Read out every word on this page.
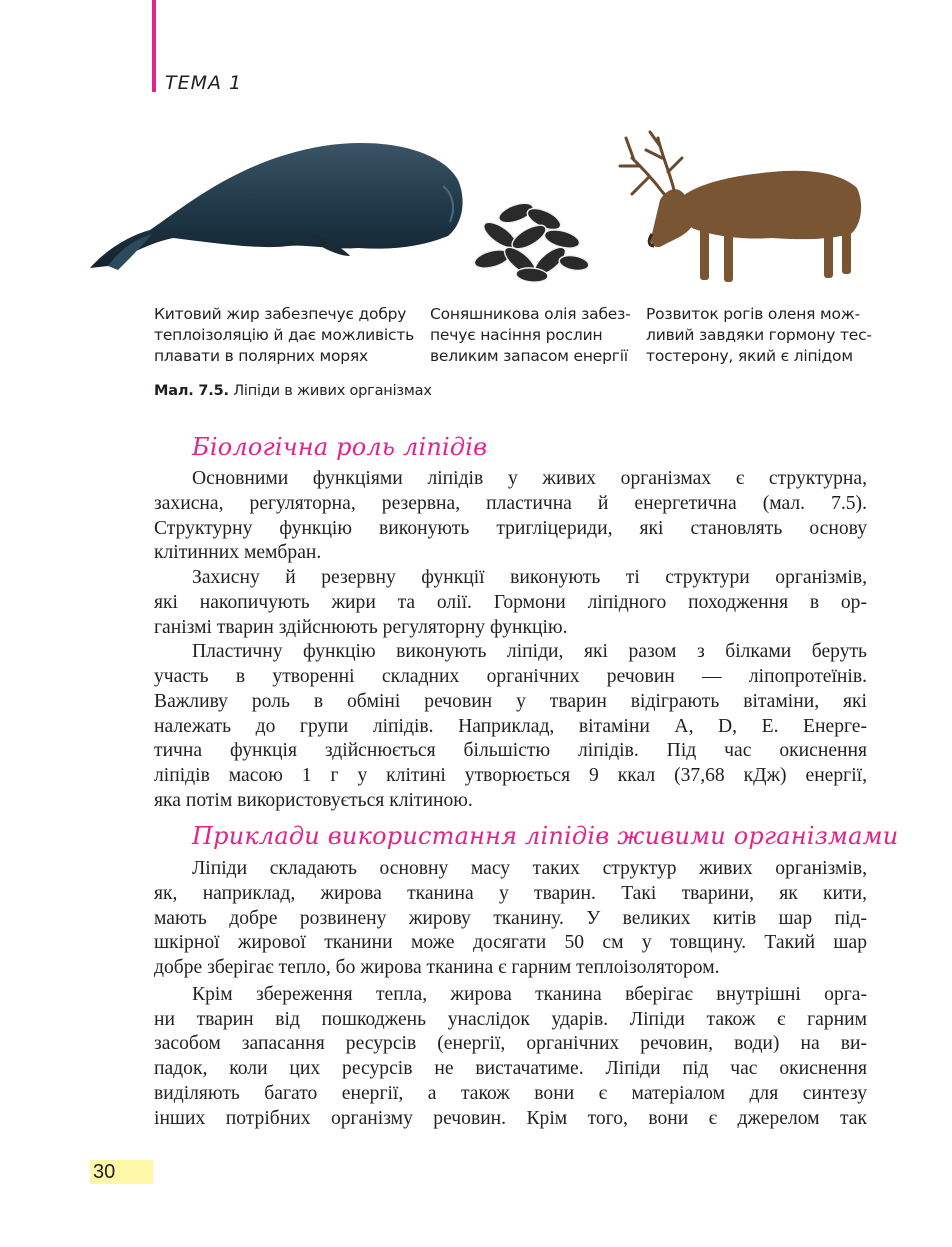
ТЕМА 1
Китовий жир забезпечує добру
теплоізоляцію й дає можливість
плавати в полярних морях
Соняшникова олія забез-
печує насіння рослин
великим запасом енергії
Розвиток рогів оленя мож-
ливий завдяки гормону тес-
тостерону, який є ліпідом
Мал. 7.5. Ліпіди в живих організмах
Біологічна роль ліпідів
Основними функціями ліпідів у живих організмах є структурна,
захисна, регуляторна, резервна, пластична й енергетична (мал. 7.5).
Структурну функцію виконують тригліцериди, які становлять основу
клітинних мембран.
Захисну й резервну функції виконують ті структури організмів,
які накопичують жири та олії. Гормони ліпідного походження в ор-
ганізмі тварин здійснюють регуляторну функцію.
Пластичну функцію виконують ліпіди, які разом з білками беруть
участь в утворенні складних органічних речовин — ліпопротеїнів.
Важливу роль в обміні речовин у тварин відіграють вітаміни, які
належать до групи ліпідів. Наприклад, вітаміни A, D, E. Енерге-
тична функція здійснюється більшістю ліпідів. Під час окиснення
ліпідів масою 1 г у клітині утворюється 9 ккал (37,68 кДж) енергії,
яка потім використовується клітиною.
Приклади використання ліпідів живими організмами
Ліпіди складають основну масу таких структур живих організмів,
як, наприклад, жирова тканина у тварин. Такі тварини, як кити,
мають добре розвинену жирову тканину. У великих китів шар під-
шкірної жирової тканини може досягати 50 см у товщину. Такий шар
добре зберігає тепло, бо жирова тканина є гарним теплоізолятором.
Крім збереження тепла, жирова тканина вберігає внутрішні орга-
ни тварин від пошкоджень унаслідок ударів. Ліпіди також є гарним
засобом запасання ресурсів (енергії, органічних речовин, води) на ви-
падок, коли цих ресурсів не вистачатиме. Ліпіди під час окиснення
виділяють багато енергії, а також вони є матеріалом для синтезу
інших потрібних організму речовин. Крім того, вони є джерелом так
30
